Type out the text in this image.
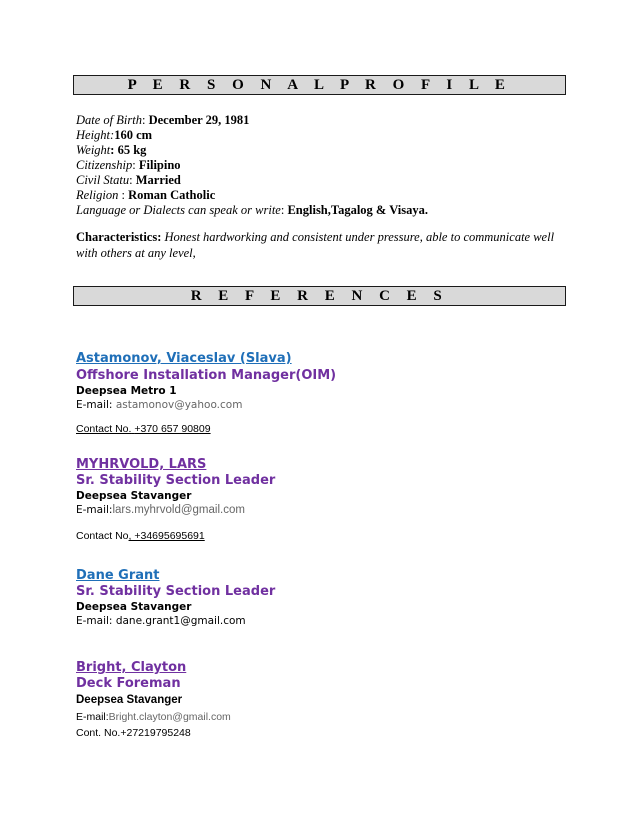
P E R S O N A L P R O F I L E
Date of Birth: December 29, 1981
Height:160 cm
Weight: 65 kg
Citizenship: Filipino
Civil Statu: Married
Religion : Roman Catholic
Language or Dialects can speak or write: English,Tagalog & Visaya.
Characteristics: Honest hardworking and consistent under pressure, able to communicate well with others at any level,
R E F E R E N C E S
Astamonov, Viaceslav (Slava)
Offshore Installation Manager(OIM)
Deepsea Metro 1
E-mail: astamonov@yahoo.com
Contact No. +370 657 90809
MYHRVOLD, LARS
Sr. Stability Section Leader
Deepsea Stavanger
E-mail:lars.myhrvold@gmail.com
Contact No, +34695695691
Dane Grant
Sr. Stability Section Leader
Deepsea Stavanger
E-mail: dane.grant1@gmail.com
Bright, Clayton
Deck Foreman
Deepsea Stavanger
E-mail:Bright.clayton@gmail.com
Cont. No.+27219795248
